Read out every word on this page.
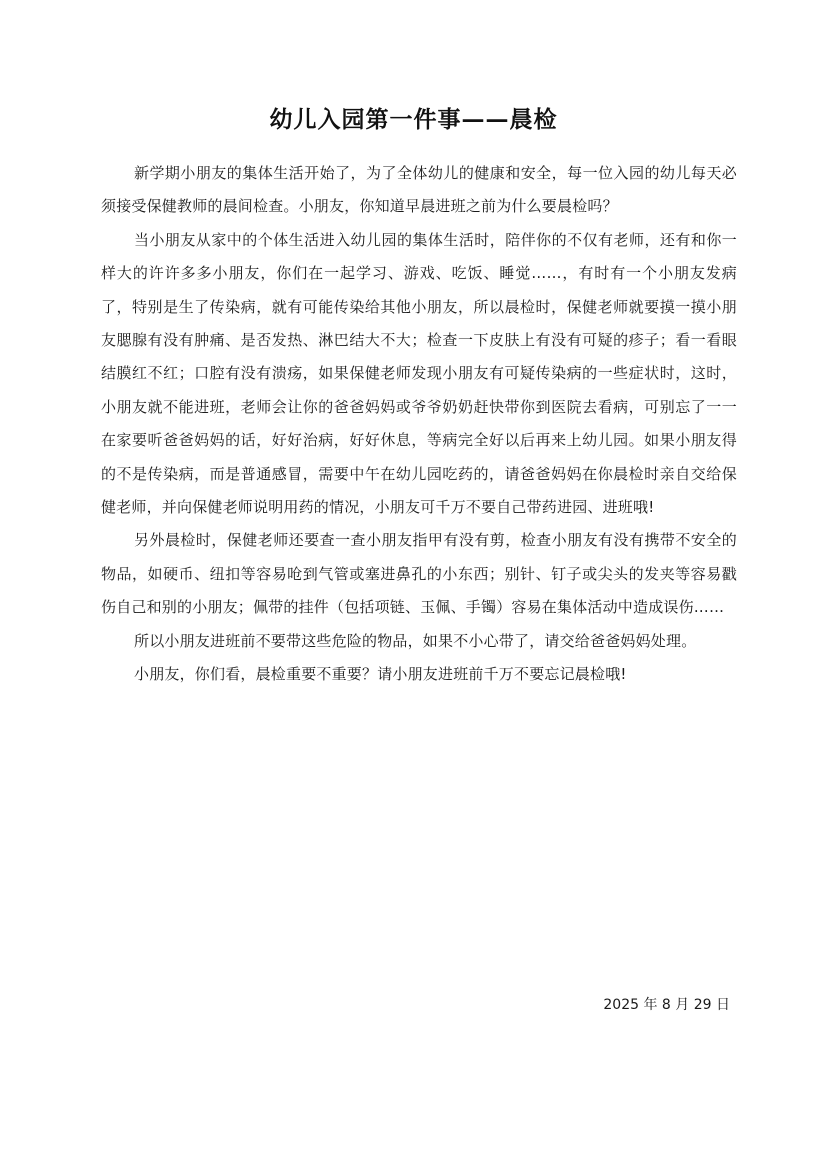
幼儿入园第一件事——晨检

新学期小朋友的集体生活开始了，为了全体幼儿的健康和安全，每一位入园的幼儿每天必须接受保健教师的晨间检查。小朋友，你知道早晨进班之前为什么要晨检吗？

当小朋友从家中的个体生活进入幼儿园的集体生活时，陪伴你的不仅有老师，还有和你一样大的许许多多小朋友，你们在一起学习、游戏、吃饭、睡觉……，有时有一个小朋友发病了，特别是生了传染病，就有可能传染给其他小朋友，所以晨检时，保健老师就要摸一摸小朋友腮腺有没有肿痛、是否发热、淋巴结大不大；检查一下皮肤上有没有可疑的疹子；看一看眼结膜红不红；口腔有没有溃疡，如果保健老师发现小朋友有可疑传染病的一些症状时，这时，小朋友就不能进班，老师会让你的爸爸妈妈或爷爷奶奶赶快带你到医院去看病，可别忘了一一在家要听爸爸妈妈的话，好好治病，好好休息，等病完全好以后再来上幼儿园。如果小朋友得的不是传染病，而是普通感冒，需要中午在幼儿园吃药的，请爸爸妈妈在你晨检时亲自交给保健老师，并向保健老师说明用药的情况，小朋友可千万不要自己带药进园、进班哦!

另外晨检时，保健老师还要查一查小朋友指甲有没有剪，检查小朋友有没有携带不安全的物品，如硬币、纽扣等容易呛到气管或塞进鼻孔的小东西；别针、钉子或尖头的发夹等容易戳伤自己和别的小朋友；佩带的挂件（包括项链、玉佩、手镯）容易在集体活动中造成误伤……

所以小朋友进班前不要带这些危险的物品，如果不小心带了，请交给爸爸妈妈处理。

小朋友，你们看，晨检重要不重要？请小朋友进班前千万不要忘记晨检哦!

2025 年 8 月 29 日
